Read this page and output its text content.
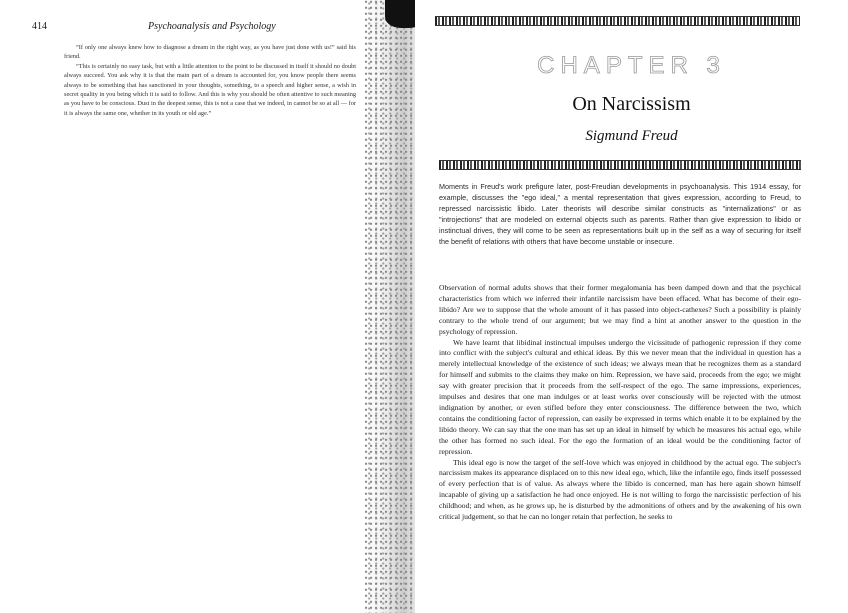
414	Psychoanalysis and Psychology

“If only one always knew how to diagnose a dream in the right way, as you have just done with us!” said his friend.

“This is certainly no easy task, but with a little attention to the point to be discussed in itself it should no doubt always succeed. You ask why it is that the main part of a dream is accounted for, you know people there seems always to be something that has sanctioned in your thoughts, something, to a speech and higher sense, a wish in secret quality in you being which it is said to follow. And this is why you should be often attentive to such meaning as you have to be conscious. Dust in the deepest sense, this is not a case that we indeed, in cannot be so at all — for it is always the same one, whether in its youth or old age.”

CHAPTER 3
On Narcissism
Sigmund Freud
Moments in Freud's work prefigure later, post-Freudian developments in psychoanalysis. This 1914 essay, for example, discusses the "ego ideal," a mental representation that gives expression, according to Freud, to repressed narcissistic libido. Later theorists will describe similar constructs as "internalizations" or as "introjections" that are modeled on external objects such as parents. Rather than give expression to libido or instinctual drives, they will come to be seen as representations built up in the self as a way of securing for itself the benefit of relations with others that have become unstable or insecure.

Observation of normal adults shows that their former megalomania has been damped down and that the psychical characteristics from which we inferred their infantile narcissism have been effaced. What has become of their ego-libido? Are we to suppose that the whole amount of it has passed into object-cathexes? Such a possibility is plainly contrary to the whole trend of our argument; but we may find a hint at another answer to the question in the psychology of repression.

We have learnt that libidinal instinctual impulses undergo the vicissitude of pathogenic repression if they come into conflict with the subject's cultural and ethical ideas. By this we never mean that the individual in question has a merely intellectual knowledge of the existence of such ideas; we always mean that he recognizes them as a standard for himself and submits to the claims they make on him. Repression, we have said, proceeds from the ego; we might say with greater precision that it proceeds from the self-respect of the ego. The same impressions, experiences, impulses and desires that one man indulges or at least works over consciously will be rejected with the utmost indignation by another, or even stifled before they enter consciousness. The difference between the two, which contains the conditioning factor of repression, can easily be expressed in terms which enable it to be explained by the libido theory. We can say that the one man has set up an ideal in himself by which he measures his actual ego, while the other has formed no such ideal. For the ego the formation of an ideal would be the conditioning factor of repression.

This ideal ego is now the target of the self-love which was enjoyed in childhood by the actual ego. The subject's narcissism makes its appearance displaced on to this new ideal ego, which, like the infantile ego, finds itself possessed of every perfection that is of value. As always where the libido is concerned, man has here again shown himself incapable of giving up a satisfaction he had once enjoyed. He is not willing to forgo the narcissistic perfection of his childhood; and when, as he grows up, he is disturbed by the admonitions of others and by the awakening of his own critical judgement, so that he can no longer retain that perfection, he seeks to
